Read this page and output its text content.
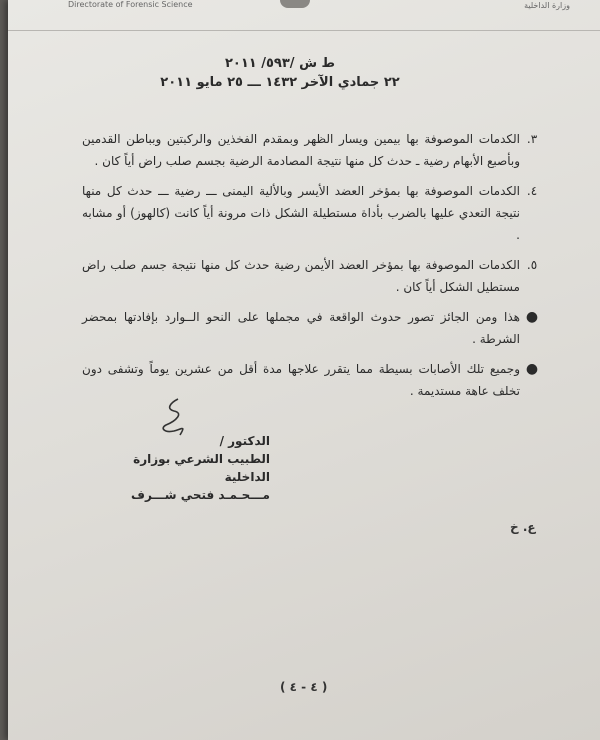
Directorate of Forensic Science	وزارة الداخلية
ط ش /٥٩٣/ ٢٠١١
٢٢ جمادي الآخر ١٤٣٢ ـــ ٢٥ مايو ٢٠١١
٣.
الكدمات الموصوفة بها بيمين ويسار الظهر وبمقدم الفخذين والركبتين وبباطن القدمين وبأصبع الأبهام رضية ـ حدث كل منها نتيجة المصادمة الرضية بجسم صلب راض أياً كان .
٤.
الكدمات الموصوفة بها بمؤخر العضد الأيسر وبالألية اليمنى ـــ رضية ـــ حدث كل منها نتيجة التعدي عليها بالضرب بأداة مستطيلة الشكل ذات مرونة أياً كانت (كالهوز) أو مشابه .
٥.
الكدمات الموصوفة بها بمؤخر العضد الأيمن رضية حدث كل منها نتيجة جسم صلب راض مستطيل الشكل أياً كان .
●
هذا ومن الجائز تصور حدوث الواقعة في مجملها على النحو الــوارد بإفادتها بمحضر الشرطة .
●
وجميع تلك الأصابات بسيطة مما يتقرر علاجها مدة أقل من عشرين يوماً وتشفى دون تخلف عاهة مستديمة .
الدكتور /
الطبيب الشرعي بوزارة الداخلية
مـــحـمـد فتحي شـــرف
ع. خ
( ٤ - ٤ )
